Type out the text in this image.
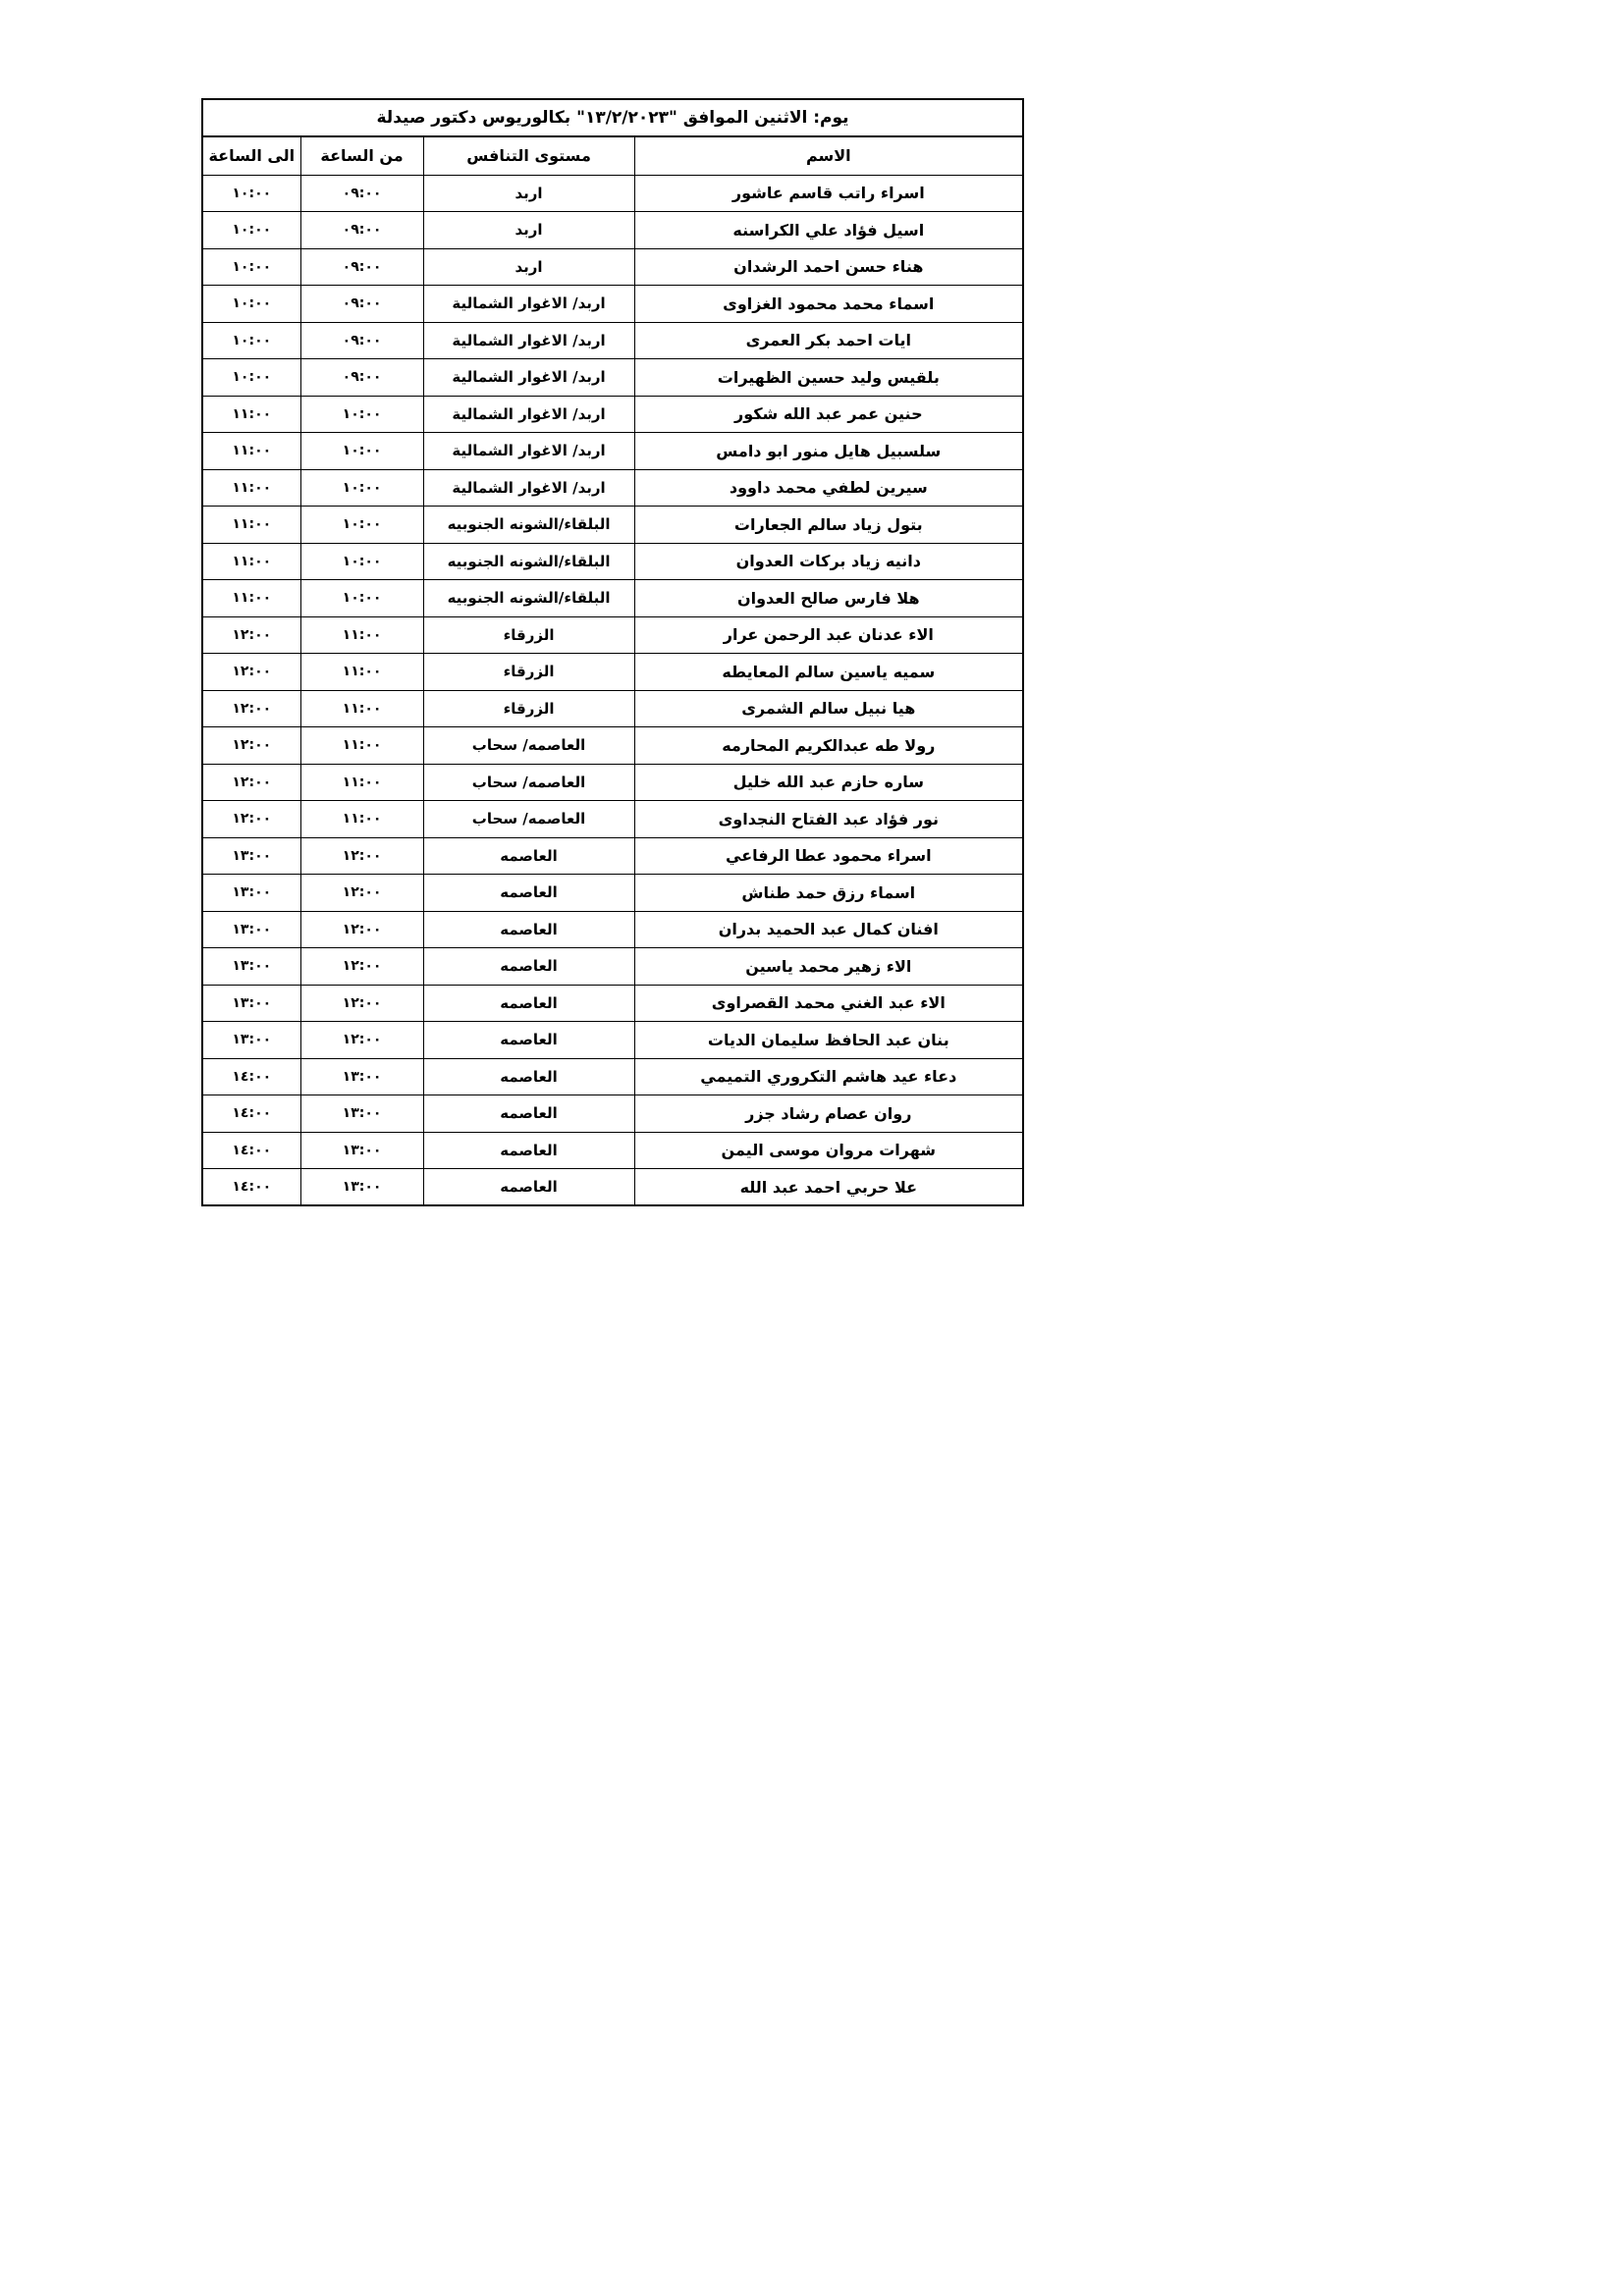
يوم: الاثنين الموافق "١٣/٢/٢٠٢٣" بكالوريوس دكتور صيدلة			
الاسم	مستوى التنافس	من الساعة	الى الساعة
اسراء راتب قاسم عاشور	اربد	٠٩:٠٠	١٠:٠٠
اسيل فؤاد علي الكراسنه	اربد	٠٩:٠٠	١٠:٠٠
هناء حسن احمد الرشدان	اربد	٠٩:٠٠	١٠:٠٠
اسماء محمد محمود الغزاوى	اربد/ الاغوار الشمالية	٠٩:٠٠	١٠:٠٠
ايات احمد بكر العمرى	اربد/ الاغوار الشمالية	٠٩:٠٠	١٠:٠٠
بلقيس وليد حسين الظهيرات	اربد/ الاغوار الشمالية	٠٩:٠٠	١٠:٠٠
حنين عمر عبد الله شكور	اربد/ الاغوار الشمالية	١٠:٠٠	١١:٠٠
سلسبيل هايل منور ابو دامس	اربد/ الاغوار الشمالية	١٠:٠٠	١١:٠٠
سيرين لطفي محمد داوود	اربد/ الاغوار الشمالية	١٠:٠٠	١١:٠٠
بتول زياد سالم الجعارات	البلقاء/الشونه الجنوبيه	١٠:٠٠	١١:٠٠
دانيه زياد بركات العدوان	البلقاء/الشونه الجنوبيه	١٠:٠٠	١١:٠٠
هلا فارس صالح العدوان	البلقاء/الشونه الجنوبيه	١٠:٠٠	١١:٠٠
الاء عدنان عبد الرحمن عرار	الزرقاء	١١:٠٠	١٢:٠٠
سميه ياسين سالم المعايطه	الزرقاء	١١:٠٠	١٢:٠٠
هيا نبيل سالم الشمرى	الزرقاء	١١:٠٠	١٢:٠٠
رولا طه عبدالكريم المحارمه	العاصمه/ سحاب	١١:٠٠	١٢:٠٠
ساره حازم عبد الله خليل	العاصمه/ سحاب	١١:٠٠	١٢:٠٠
نور فؤاد عبد الفتاح النجداوى	العاصمه/ سحاب	١١:٠٠	١٢:٠٠
اسراء محمود عطا الرفاعي	العاصمه	١٢:٠٠	١٣:٠٠
اسماء رزق حمد طناش	العاصمه	١٢:٠٠	١٣:٠٠
افنان كمال عبد الحميد بدران	العاصمه	١٢:٠٠	١٣:٠٠
الاء زهير محمد ياسين	العاصمه	١٢:٠٠	١٣:٠٠
الاء عبد الغني محمد القصراوى	العاصمه	١٢:٠٠	١٣:٠٠
بنان عبد الحافظ سليمان الديات	العاصمه	١٢:٠٠	١٣:٠٠
دعاء عيد هاشم التكروري التميمي	العاصمه	١٣:٠٠	١٤:٠٠
روان عصام رشاد جزر	العاصمه	١٣:٠٠	١٤:٠٠
شهرات مروان موسى اليمن	العاصمه	١٣:٠٠	١٤:٠٠
علا حربي احمد عبد الله	العاصمه	١٣:٠٠	١٤:٠٠
